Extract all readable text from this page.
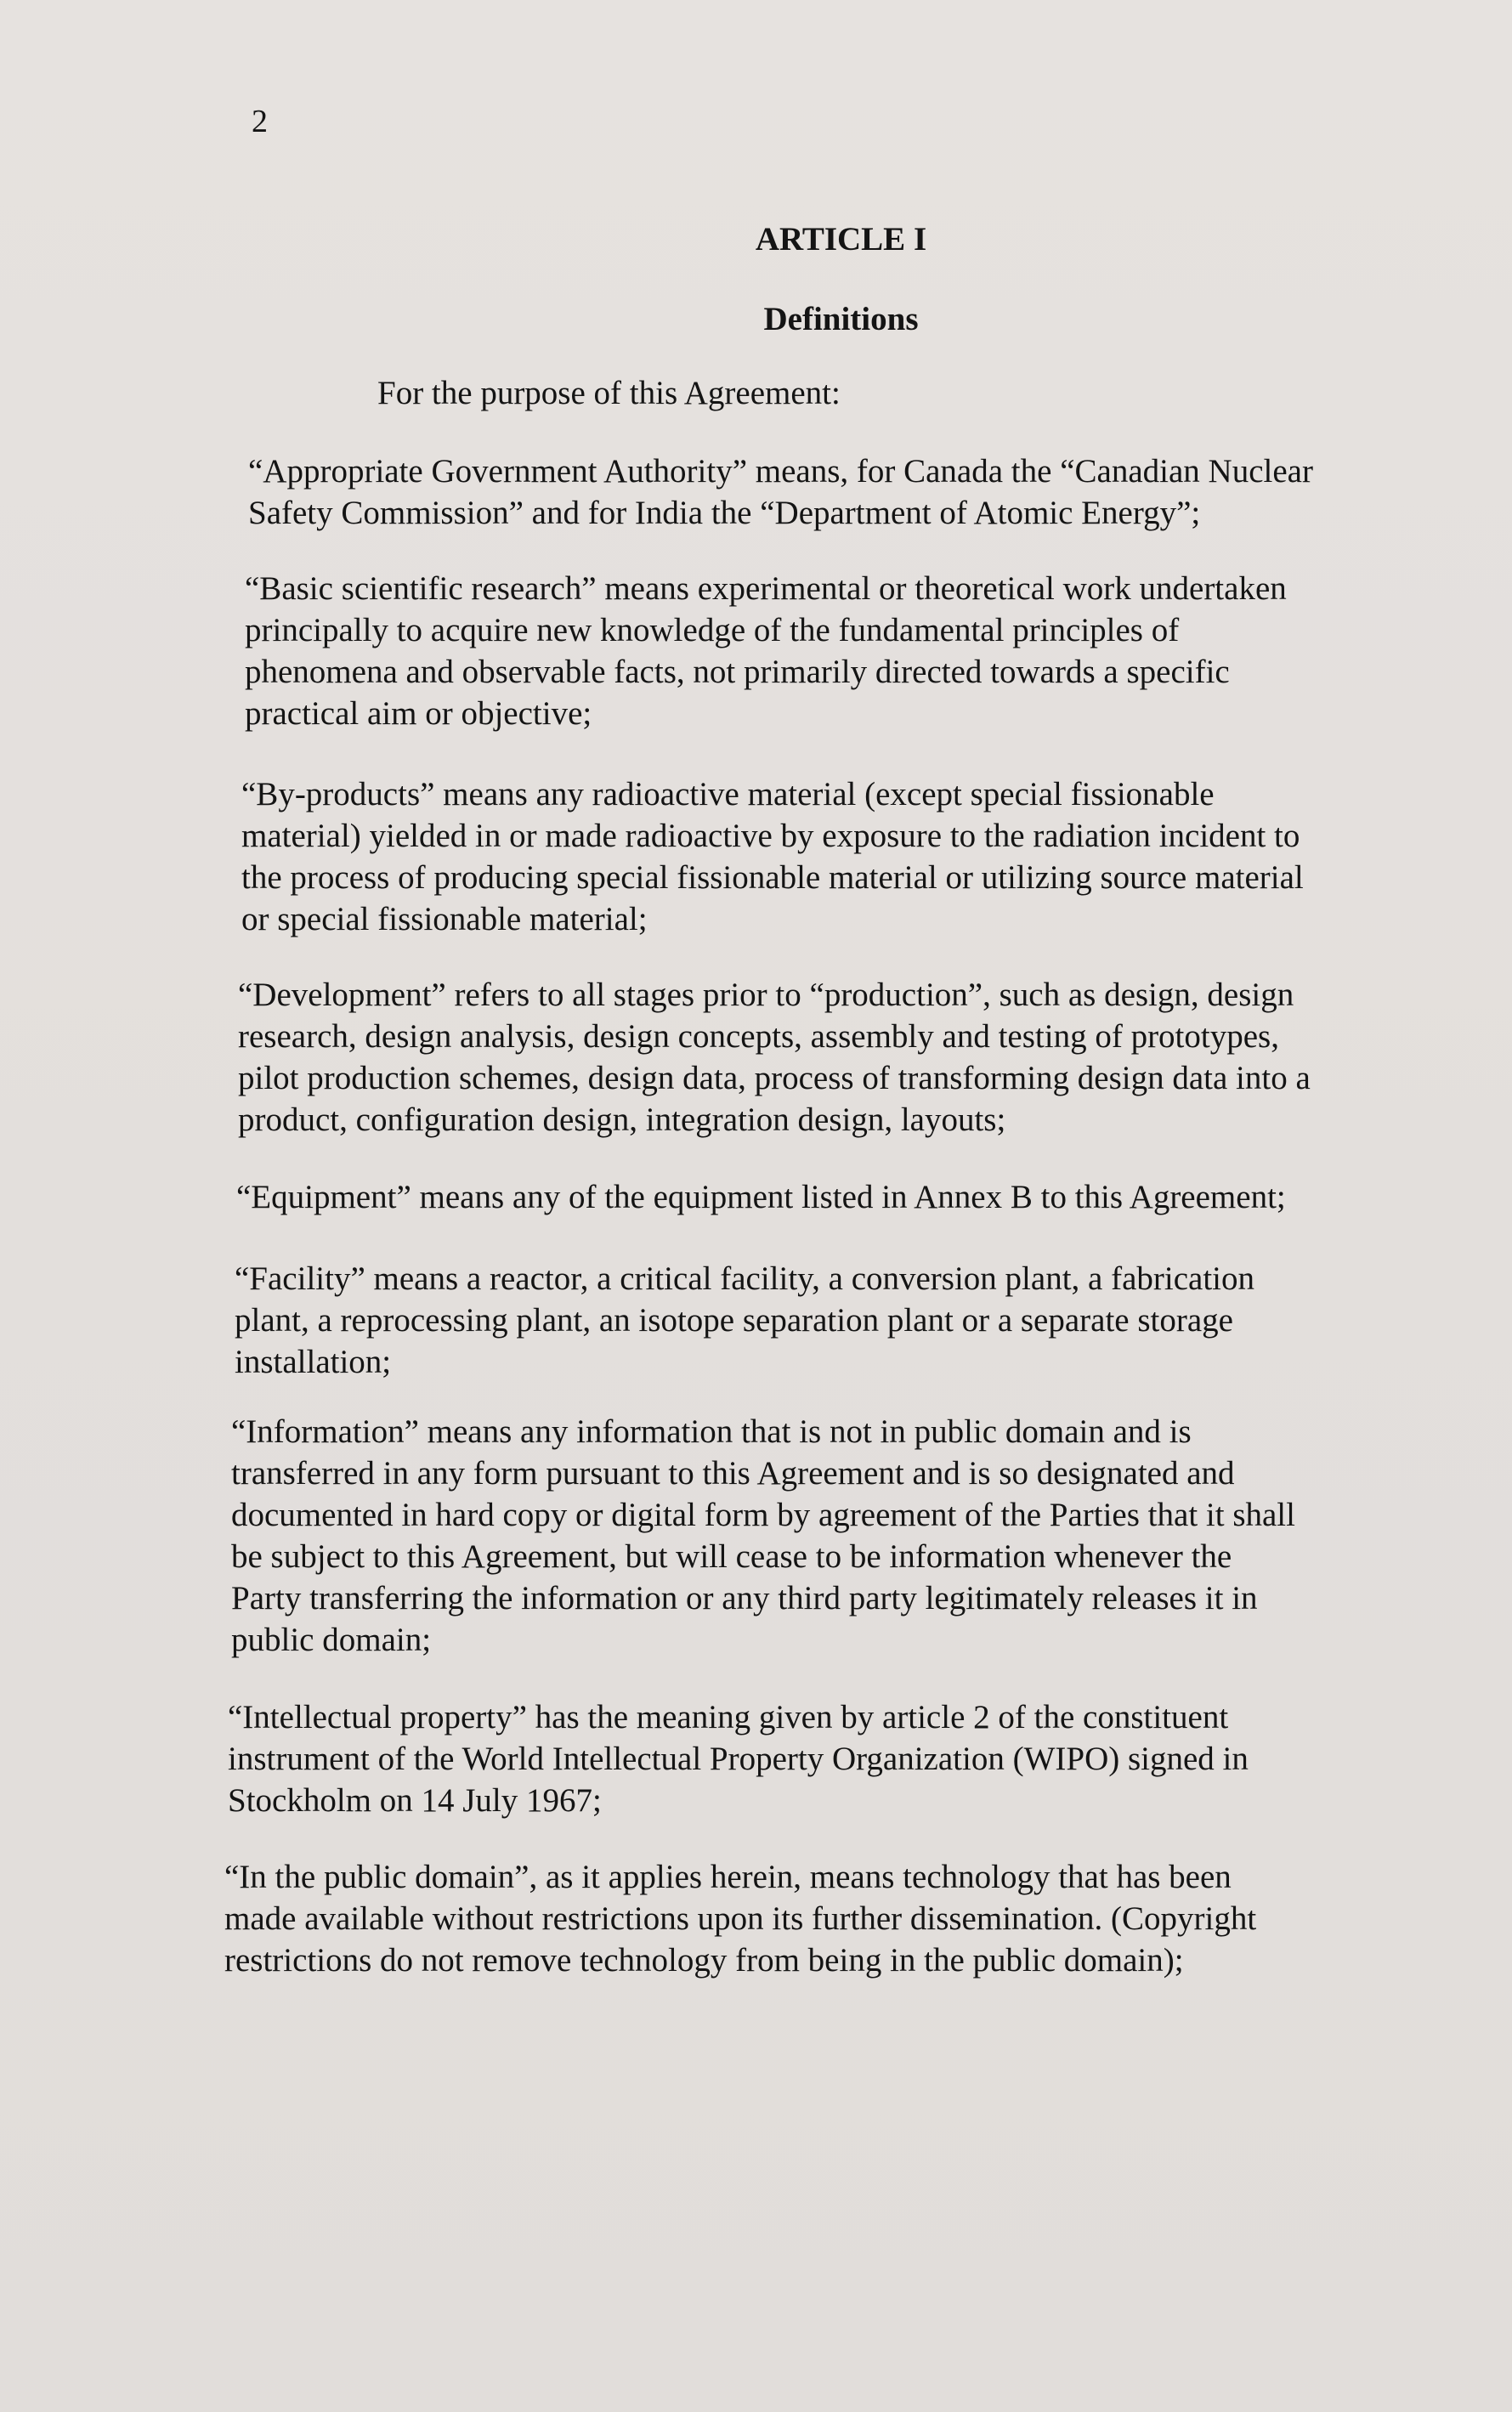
2
ARTICLE I
Definitions
For the purpose of this Agreement:
“Appropriate Government Authority” means, for Canada the “Canadian Nuclear
Safety Commission” and for India the “Department of Atomic Energy”;
“Basic scientific research” means experimental or theoretical work undertaken
principally to acquire new knowledge of the fundamental principles of
phenomena and observable facts, not primarily directed towards a specific
practical aim or objective;
“By-products” means any radioactive material (except special fissionable
material) yielded in or made radioactive by exposure to the radiation incident to
the process of producing special fissionable material or utilizing source material
or special fissionable material;
“Development” refers to all stages prior to “production”, such as design, design
research, design analysis, design concepts, assembly and testing of prototypes,
pilot production schemes, design data, process of transforming design data into a
product, configuration design, integration design, layouts;
“Equipment” means any of the equipment listed in Annex B to this Agreement;
“Facility” means a reactor, a critical facility, a conversion plant, a fabrication
plant, a reprocessing plant, an isotope separation plant or a separate storage
installation;
“Information” means any information that is not in public domain and is
transferred in any form pursuant to this Agreement and is so designated and
documented in hard copy or digital form by agreement of the Parties that it shall
be subject to this Agreement, but will cease to be information whenever the
Party transferring the information or any third party legitimately releases it in
public domain;
“Intellectual property” has the meaning given by article 2 of the constituent
instrument of the World Intellectual Property Organization (WIPO) signed in
Stockholm on 14 July 1967;
“In the public domain”, as it applies herein, means technology that has been
made available without restrictions upon its further dissemination. (Copyright
restrictions do not remove technology from being in the public domain);
